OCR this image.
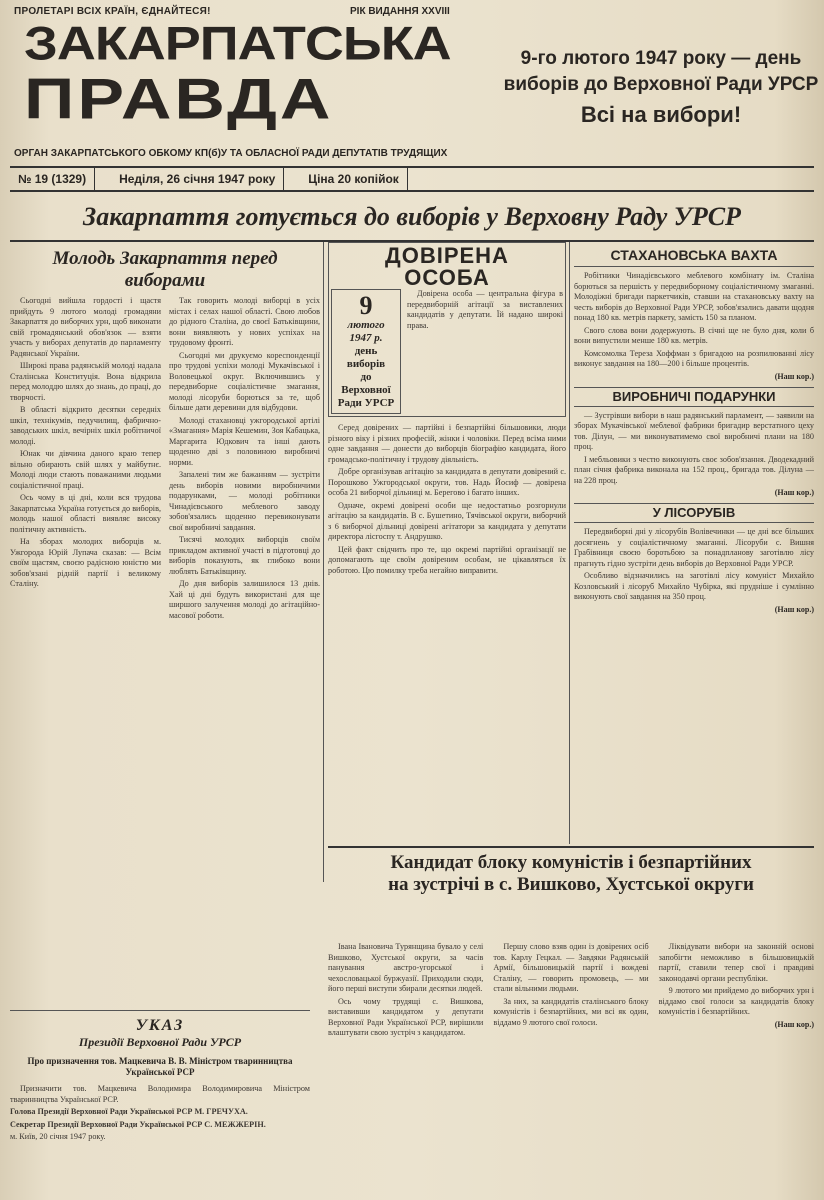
ПРОЛЕТАРІ ВСІХ КРАЇН, ЄДНАЙТЕСЯ!	РІК ВИДАННЯ XXVIII
ЗАКАРПАТСЬКА
ПРАВДА
ОРГАН ЗАКАРПАТСЬКОГО ОБКОМУ КП(б)У ТА ОБЛАСНОЇ РАДИ ДЕПУТАТІВ ТРУДЯЩИХ
9-го лютого 1947 року — день
виборів до Верховної Ради УРСР
Всі на вибори!
№ 19 (1329)	Неділя, 26 січня 1947 року	Ціна 20 копійок
Закарпаття готується до виборів у Верховну Раду УРСР
Молодь Закарпаття перед виборами

Сьогодні вийшла гордості і щастя прийдуть 9 лютого молоді громадяни Закарпаття до виборчих урн, щоб виконати свій громадянський обов'язок — взяти участь у виборах депутатів до парламенту Радянської України.

Широкі права радянській молоді надала Сталінська Конституція. Вона відкрила перед молоддю шлях до знань, до праці, до творчості.

В області відкрито десятки середніх шкіл, технікумів, педучилищ, фабрично-заводських шкіл, вечірніх шкіл робітничої молоді.

Юнак чи дівчина даного краю тепер вільно обирають свій шлях у майбутнє. Молоді люди стають поважаними людьми соціалістичної праці.

Ось чому в ці дні, коли вся трудова Закарпатська Україна готується до виборів, молодь нашої області виявляє високу політичну активність.

На зборах молодих виборців м. Ужгорода Юрій Лупача сказав: — Всім своїм щастям, своєю радісною юністю ми зобов'язані рідній партії і великому Сталіну.

Так говорить молоді виборці в усіх містах і селах нашої області. Свою любов до рідного Сталіна, до своєї Батьківщини, вони виявляють у нових успіхах на трудовому фронті.

Сьогодні ми друкуємо кореспонденції про трудові успіхи молоді Мукачівської і Воловецької округ. Включившись у передвиборне соціалістичне змагання, молоді лісоруби борються за те, щоб більше дати деревини для відбудови.

Молоді стахановці ужгородської артілі «Змагання» Марія Кешемин, Зоя Кабацька, Маргарита Юдкович та інші дають щоденно дві з половиною виробничі норми.

Запалені тим же бажанням — зустріти день виборів новими виробничими подарунками, — молоді робітники Чинадієвського меблевого заводу зобов'язались щоденно перевиконувати свої виробничі завдання.

Тисячі молодих виборців своїм прикладом активної участі в підготовці до виборів показують, як глибоко вони люблять Батьківщину.

До дня виборів залишилося 13 днів. Хай ці дні будуть використані для ще ширшого залучення молоді до агітаційно-масової роботи.

ДОВІРЕНА
ОСОБА
9
лютого
1947 р.
день
виборів
до
Верховної
Ради УРСР

Довірена особа — центральна фігура в передвиборній агітації за виставлених кандидатів у депутати. Їй надано широкі права.

Серед довірених — партійні і безпартійні більшовики, люди різного віку і різних професій, жінки і чоловіки. Перед всіма ними одне завдання — донести до виборців біографію кандидата, його громадсько-політичну і трудову діяльність.

Добре організував агітацію за кандидата в депутати довірений с. Порошково Ужгородської округи, тов. Надь Йосиф — довірена особа 21 виборчої дільниці м. Берегово і багато інших.

Одначе, окремі довірені особи ще недостатньо розгорнули агітацію за кандидатів. В с. Бушетино, Тячівської округи, виборчий з 6 виборчої дільниці довірені агітатори за кандидата у депутати директора лісгоспу т. Андрушко.

Цей факт свідчить про те, що окремі партійні організації не допомагають ще своїм довіреним особам, не цікавляться їх роботою. Цю помилку треба негайно виправити.

СТАХАНОВСЬКА ВАХТА

Робітники Чинадієвського меблевого комбінату ім. Сталіна борються за першість у передвиборному соціалістичному змаганні. Молодіжні бригади паркетчиків, ставши на стахановську вахту на честь виборів до Верховної Ради УРСР, зобов'язались давати щодня понад 180 кв. метрів паркету, замість 150 за планом.

Свого слова вони додержують. В січні ще не було дня, коли б вони випустили менше 180 кв. метрів.

Комсомолка Тереза Хоффман з бригадою на розпилюванні лісу виконує завдання на 180—200 і більше процентів.

(Наш кор.)
ВИРОБНИЧІ ПОДАРУНКИ

— Зустрівши вибори в наш радянський парламент, — заявили на зборах Мукачівської меблевої фабрики бригадир верстатного цеху тов. Ділун, — ми виконуватимемо свої виробничі плани на 180 проц.

І мебльовики з честю виконують своє зобов'язання. Дводекадний план січня фабрика виконала на 152 проц., бригада тов. Ділуна — на 228 проц.

(Наш кор.)
У ЛІСОРУБІВ

Передвиборні дні у лісорубів Волівечинки — це дні все більших досягнень у соціалістичному змаганні. Лісоруби с. Вишня Грабівниця своєю боротьбою за понадпланову заготівлю лісу прагнуть гідно зустріти день виборів до Верховної Ради УРСР.

Особливо відзначились на заготівлі лісу комуніст Михайло Козловський і лісоруб Михайло Чубірка, які прудніше і сумлінно виконують свої завдання на 350 проц.

(Наш кор.)
Кандидат блоку комуністів і безпартійних
на зустрічі в с. Вишково, Хустської округи

Івана Івановича Турянщина бувало у селі Вишково, Хустської округи, за часів панування австро-угорської і чехословацької буржуазії. Приходили сюди, його перші виступи збирали десятки людей.

Ось чому трудящі с. Вишкова, виставивши кандидатом у депутати Верховної Ради Української РСР, вирішили влаштувати свою зустріч з кандидатом.

Першу слово взяв один із довірених осіб тов. Карлу Гецкал. — Завдяки Радянській Армії, більшовицькій партії і вождеві Сталіну, — говорить промовець, — ми стали вільними людьми.

За них, за кандидатів сталінського блоку комуністів і безпартійних, ми всі як один, віддамо 9 лютого свої голоси.

Ліквідувати вибори на законній основі запобігти неможливо в більшовицькій партії, ставили тепер свої і правдиві законодавчі органи республіки.

9 лютого ми прийдемо до виборчих урн і віддамо свої голоси за кандидатів блоку комуністів і безпартійних.

(Наш кор.)
УКАЗ
Президії Верховної Ради УРСР
Про призначення тов. Мацкевича В. В. Міністром тваринництва Української РСР

Призначити тов. Мацкевича Володимира Володимировича Міністром тваринництва Української РСР.

Голова Президії Верховної Ради Української РСР М. ГРЕЧУХА.

Секретар Президії Верховної Ради Української РСР С. МЕЖЖЕРІН.

м. Київ, 20 січня 1947 року.
